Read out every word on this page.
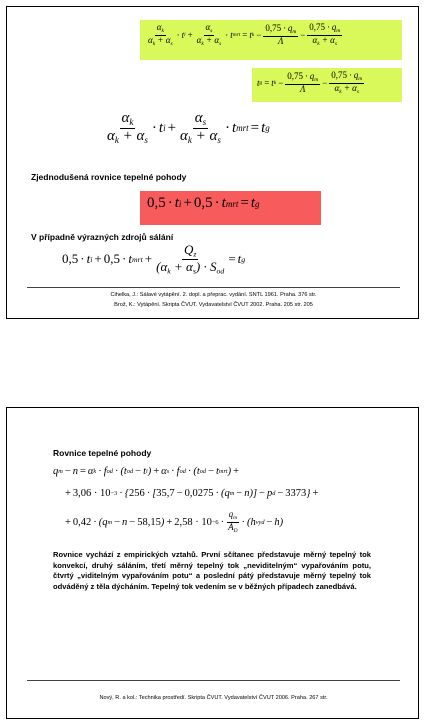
$\frac{\alpha_k}{\alpha_k + \alpha_s} \cdot t$ $i + \frac{\alpha_s}{\alpha_k + \alpha_s} \cdot t$ mrt = t $k - \frac{0,75 \cdot q_m}{\Lambda} - \frac{0,75 \cdot q_m}{\alpha_k + \alpha_s}$
t g = t $k - \frac{0,75 \cdot q_m}{\Lambda} - \frac{0,75 \cdot q_m}{\alpha_k + \alpha_s}$
$\frac{\alpha_k}{\alpha_k + \alpha_s} \cdot t$ $i + \frac{\alpha_s}{\alpha_k + \alpha_s} \cdot t$ mrt = t g
Zjednodušená rovnice tepelné pohody
0,5 · t i + 0,5 · t mrt = t g
V případně výrazných zdrojů sálání
0,5 · t i + 0,5 · t mrt + $\frac{Q_z}{(\alpha_k + \alpha_s) \cdot S_{od}} = t$ g
Cihelka, J.: Sálavé vytápění. 2. dopl. a přeprac. vydání. SNTL 1961. Praha. 376 str.
Brož, K.: Vytápění. Skripta ČVUT. Vydavatelství ČVUT 2002. Praha. 205 str. 205
Rovnice tepelné pohody
q m − n = α k · f od · (t od − t i ) + α s · f od · (t od − t mrt ) +
+ 3,06 · 10 −3 · { 256 · [ 35,7 − 0,0275 · (q m − n)] − p d − 3373 } +
+ 0,42 · (q m − n − 58,15 ) + $2,58 \cdot 10 -6 \cdot \frac{q_m}{A_D} \cdot (h$ vyd − h)
Rovnice vychází z empirických vztahů. První sčítanec představuje měrný tepelný tok konvekcí, druhý sáláním, třetí měrný tepelný tok „neviditelným“ vypařováním potu, čtvrtý „viditelným vypařováním potu“ a poslední pátý představuje měrný tepelný tok odváděný z těla dýcháním. Tepelný tok vedením se v běžných případech zanedbává.
Nový, R. a kol.: Technika prostředí. Skripta ČVUT. Vydavatelství ČVUT 2006. Praha. 267 str.
